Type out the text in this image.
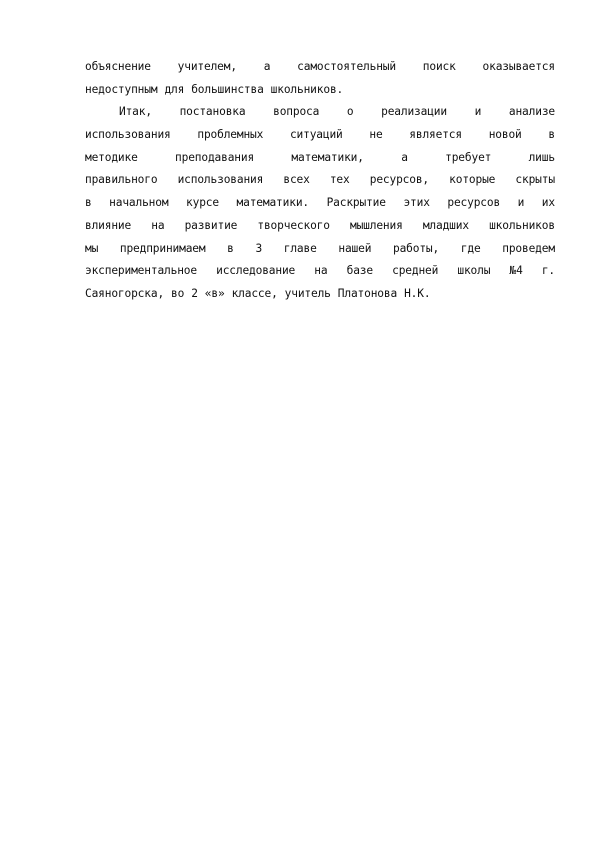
объяснение учителем, а самостоятельный поиск оказывается
недоступным для большинства школьников.
Итак, постановка вопроса о реализации и анализе
использования проблемных ситуаций не является новой в
методике	преподавания	математики,	а	требует	лишь
правильного использования всех тех ресурсов, которые скрыты
в начальном курсе математики. Раскрытие этих ресурсов и их
влияние на развитие творческого мышления младших школьников
мы предпринимаем в 3 главе нашей работы, где проведем
экспериментальное исследование на базе средней школы №4 г.
Саяногорска, во 2 «в» классе, учитель Платонова Н.К.
